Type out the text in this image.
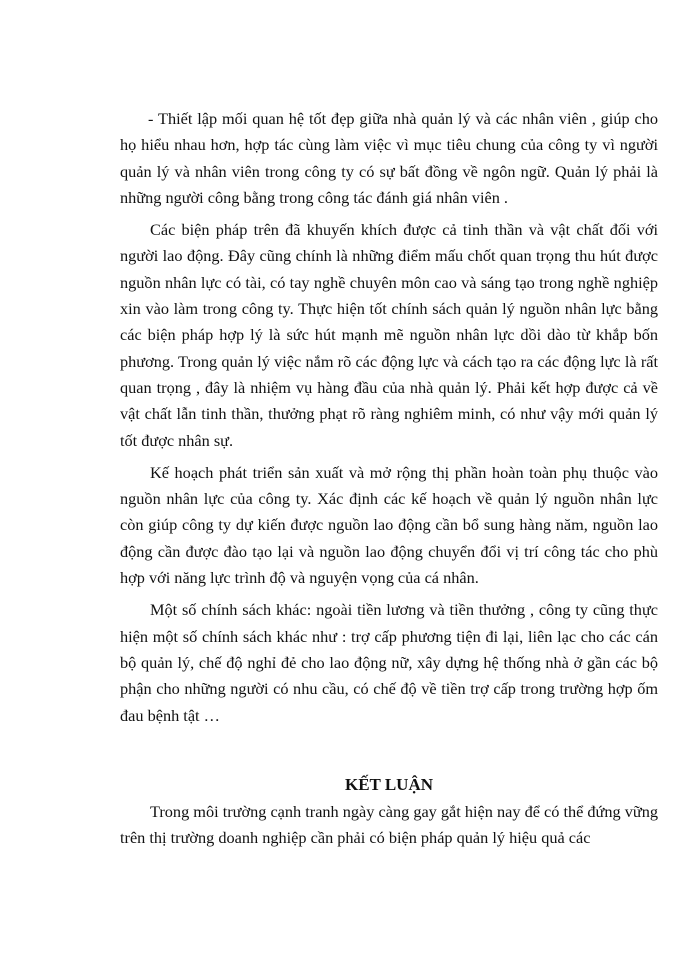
- Thiết lập mối quan hệ tốt đẹp giữa nhà quản lý và các nhân viên , giúp cho họ hiểu nhau hơn, hợp tác cùng làm việc vì mục tiêu chung của công ty vì người quản lý và nhân viên trong công ty có sự bất đồng về ngôn ngữ. Quản lý phải là những người công bằng trong công tác đánh giá nhân viên .

Các biện pháp trên đã khuyến khích được cả tinh thần và vật chất đối với người lao động. Đây cũng chính là những điểm mấu chốt quan trọng thu hút được nguồn nhân lực có tài, có tay nghề chuyên môn cao và sáng tạo trong nghề nghiệp xin vào làm trong công ty. Thực hiện tốt chính sách quản lý nguồn nhân lực bằng các biện pháp hợp lý là sức hút mạnh mẽ nguồn nhân lực dồi dào từ khắp bốn phương. Trong quản lý việc nắm rõ các động lực và cách tạo ra các động lực là rất quan trọng , đây là nhiệm vụ hàng đầu của nhà quản lý. Phải kết hợp được cả về vật chất lẫn tinh thần, thưởng phạt rõ ràng nghiêm minh, có như vậy mới quản lý tốt được nhân sự.

Kế hoạch phát triển sản xuất và mở rộng thị phần hoàn toàn phụ thuộc vào nguồn nhân lực của công ty. Xác định các kế hoạch về quản lý nguồn nhân lực còn giúp công ty dự kiến được nguồn lao động cần bổ sung hàng năm, nguồn lao động cần được đào tạo lại và nguồn lao động chuyển đổi vị trí công tác cho phù hợp với năng lực trình độ và nguyện vọng của cá nhân.

Một số chính sách khác: ngoài tiền lương và tiền thưởng , công ty cũng thực hiện một số chính sách khác như : trợ cấp phương tiện đi lại, liên lạc cho các cán bộ quản lý, chế độ nghỉ đẻ cho lao động nữ, xây dựng hệ thống nhà ở gần các bộ phận cho những người có nhu cầu, có chế độ về tiền trợ cấp trong trường hợp ốm đau bệnh tật …

KẾT LUẬN

Trong môi trường cạnh tranh ngày càng gay gắt hiện nay để có thể đứng vững trên thị trường doanh nghiệp cần phải có biện pháp quản lý hiệu quả các
